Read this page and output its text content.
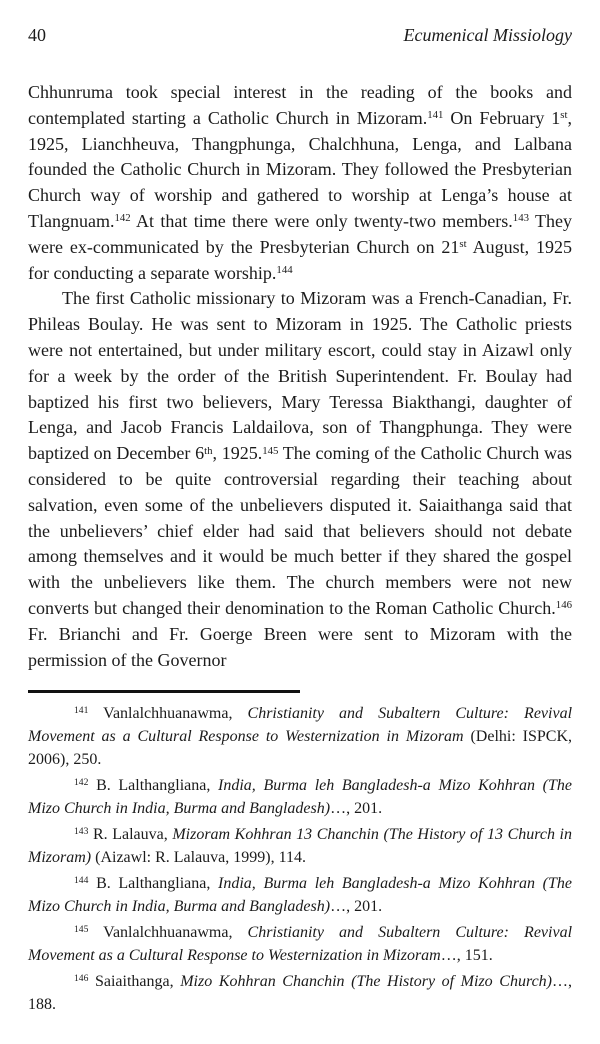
40	Ecumenical Missiology

Chhunruma took special interest in the reading of the books and contemplated starting a Catholic Church in Mizoram.$^{141}$ On February 1st, 1925, Lianchheuva, Thangphunga, Chalchhuna, Lenga, and Lalbana founded the Catholic Church in Mizoram. They followed the Presbyterian Church way of worship and gathered to worship at Lenga’s house at Tlangnuam.$^{142}$ At that time there were only twenty-two members.$^{143}$ They were ex-communicated by the Presbyterian Church on 21st August, 1925 for conducting a separate worship.$^{144}$

The first Catholic missionary to Mizoram was a French-Canadian, Fr. Phileas Boulay. He was sent to Mizoram in 1925. The Catholic priests were not entertained, but under military escort, could stay in Aizawl only for a week by the order of the British Superintendent. Fr. Boulay had baptized his first two believers, Mary Teressa Biakthangi, daughter of Lenga, and Jacob Francis Laldailova, son of Thangphunga. They were baptized on December 6th, 1925.$^{145}$ The coming of the Catholic Church was considered to be quite controversial regarding their teaching about salvation, even some of the unbelievers disputed it. Saiaithanga said that the unbelievers’ chief elder had said that believers should not debate among themselves and it would be much better if they shared the gospel with the unbelievers like them. The church members were not new converts but changed their denomination to the Roman Catholic Church.$^{146}$ Fr. Brianchi and Fr. Goerge Breen were sent to Mizoram with the permission of the Governor

$^{141}$ Vanlalchhuanawma, Christianity and Subaltern Culture: Revival Movement as a Cultural Response to Westernization in Mizoram (Delhi: ISPCK, 2006), 250.

$^{142}$ B. Lalthangliana, India, Burma leh Bangladesh-a Mizo Kohhran (The Mizo Church in India, Burma and Bangladesh)…, 201.

$^{143}$ R. Lalauva, Mizoram Kohhran 13 Chanchin (The History of 13 Church in Mizoram) (Aizawl: R. Lalauva, 1999), 114.

$^{144}$ B. Lalthangliana, India, Burma leh Bangladesh-a Mizo Kohhran (The Mizo Church in India, Burma and Bangladesh)…, 201.

$^{145}$ Vanlalchhuanawma, Christianity and Subaltern Culture: Revival Movement as a Cultural Response to Westernization in Mizoram…, 151.

$^{146}$ Saiaithanga, Mizo Kohhran Chanchin (The History of Mizo Church)…, 188.
